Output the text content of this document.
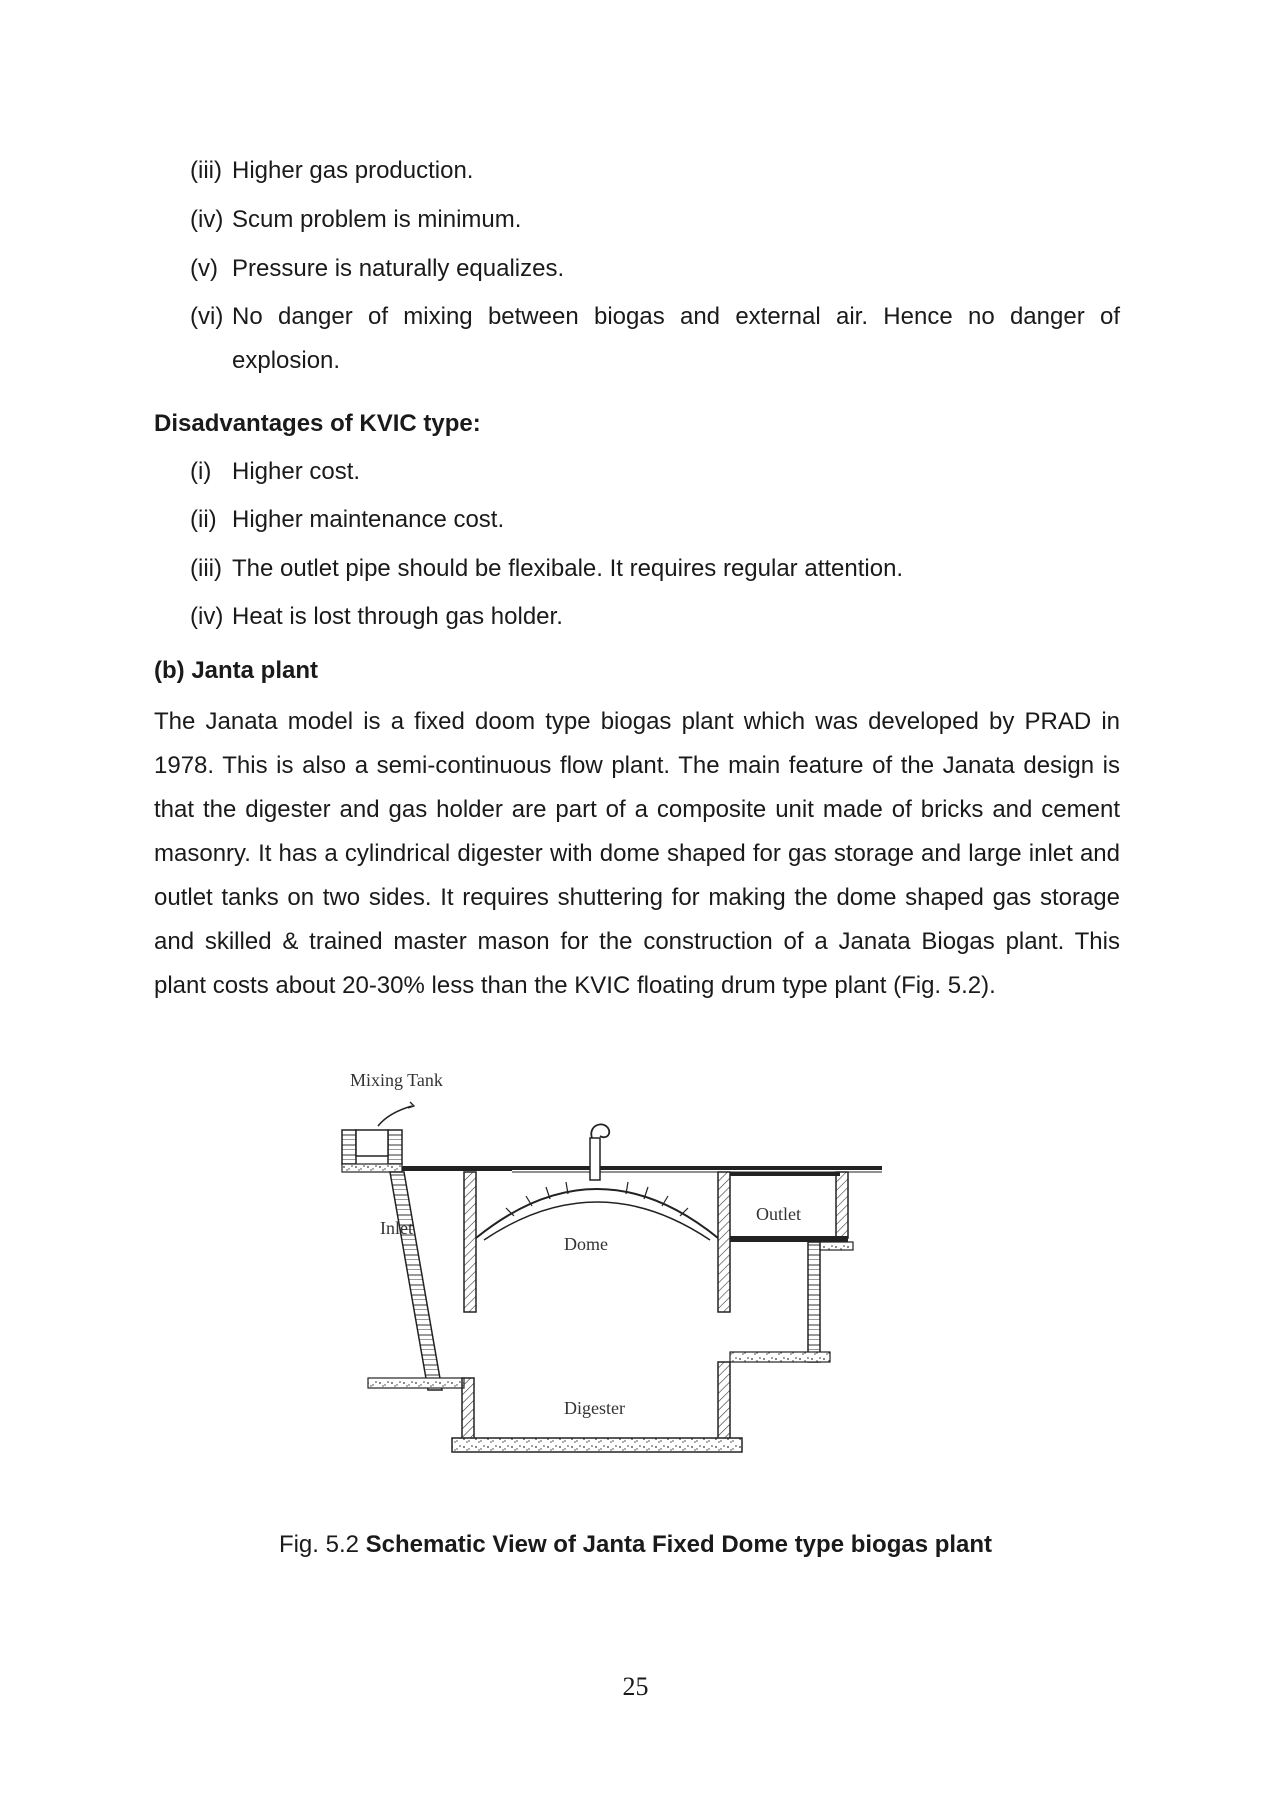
(iii) Higher gas production.
(iv) Scum problem is minimum.
(v) Pressure is naturally equalizes.
(vi) No danger of mixing between biogas and external air. Hence no danger of explosion.
Disadvantages of KVIC type:
(i) Higher cost.
(ii) Higher maintenance cost.
(iii) The outlet pipe should be flexibale. It requires regular attention.
(iv) Heat is lost through gas holder.
(b) Janta plant
The Janata model is a fixed doom type biogas plant which was developed by PRAD in 1978. This is also a semi-continuous flow plant. The main feature of the Janata design is that the digester and gas holder are part of a composite unit made of bricks and cement masonry. It has a cylindrical digester with dome shaped for gas storage and large inlet and outlet tanks on two sides. It requires shuttering for making the dome shaped gas storage and skilled & trained master mason for the construction of a Janata Biogas plant. This plant costs about 20-30% less than the KVIC floating drum type plant (Fig. 5.2).
Mixing Tank
Inlet
Dome
Outlet
Digester
Fig. 5.2 Schematic View of Janta Fixed Dome type biogas plant
25
